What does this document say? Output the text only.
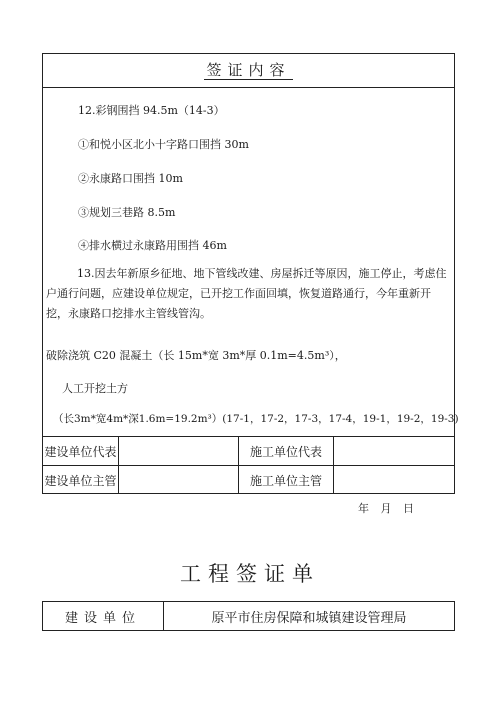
签证内容
12.彩钢围挡 94.5m（14-3）
①和悦小区北小十字路口围挡 30m
②永康路口围挡 10m
③规划三巷路 8.5m
④排水横过永康路用围挡 46m
13.因去年新原乡征地、地下管线改建、房屋拆迁等原因，施工停止，考虑住户通行问题，应建设单位规定，已开挖工作面回填，恢复道路通行，今年重新开挖，永康路口挖排水主管线管沟。
破除浇筑 C20 混凝土（长 15m*宽 3m*厚 0.1m=4.5m³），
人工开挖土方
（长3m*宽4m*深1.6m=19.2m³）(17-1，17-2，17-3，17-4，19-1，19-2，19-3)
建设单位代表	施工单位代表
建设单位主管	施工单位主管
年 月 日
工程签证单
建设单位	原平市住房保障和城镇建设管理局
